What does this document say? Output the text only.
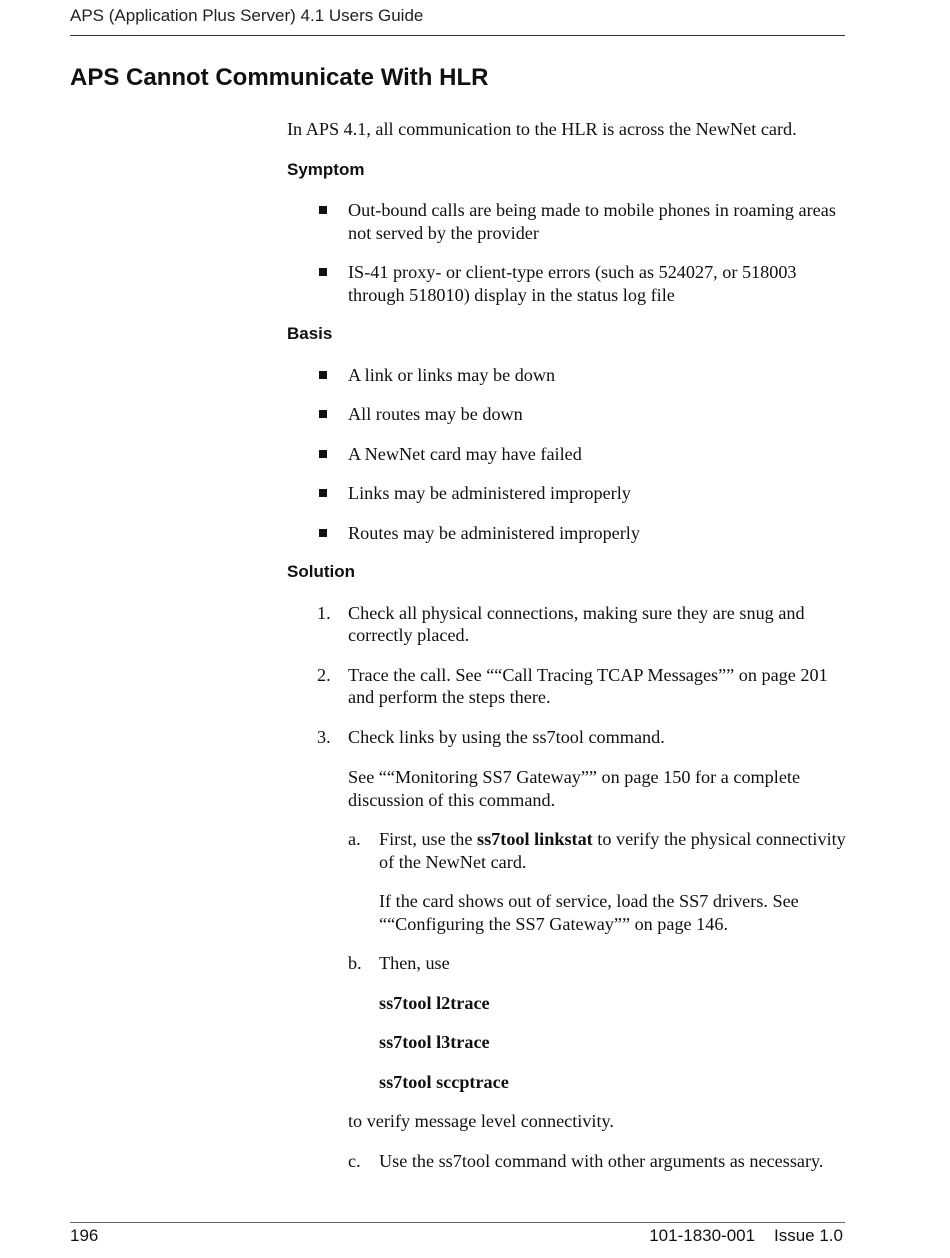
APS (Application Plus Server) 4.1 Users Guide
APS Cannot Communicate With HLR

In APS 4.1, all communication to the HLR is across the NewNet card.

Symptom
Out-bound calls are being made to mobile phones in roaming areas not served by the provider
IS-41 proxy- or client-type errors (such as 524027, or 518003 through 518010) display in the status log file
Basis
A link or links may be down
All routes may be down
A NewNet card may have failed
Links may be administered improperly
Routes may be administered improperly
Solution
1. Check all physical connections, making sure they are snug and correctly placed.
2. Trace the call. See ““Call Tracing TCAP Messages”” on page 201 and perform the steps there.
3. Check links by using the ss7tool command.
See ““Monitoring SS7 Gateway”” on page 150 for a complete discussion of this command.
a. First, use the ss7tool linkstat to verify the physical connectivity of the NewNet card.
If the card shows out of service, load the SS7 drivers. See ““Configuring the SS7 Gateway”” on page 146.
b. Then, use
ss7tool l2trace
ss7tool l3trace
ss7tool sccptrace
to verify message level connectivity.
c. Use the ss7tool command with other arguments as necessary.
196	101-1830-001 Issue 1.0
